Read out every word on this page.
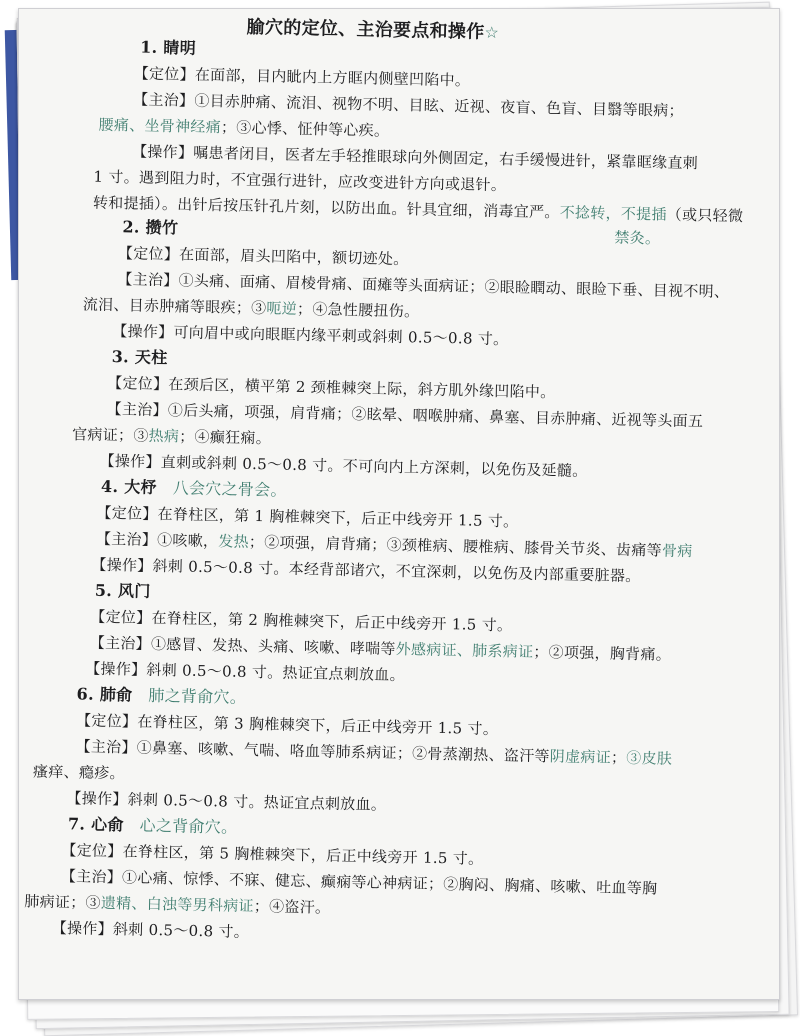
腧穴的定位、主治要点和操作☆
1. 睛明
【定位】在面部，目内眦内上方眶内侧壁凹陷中。
【主治】①目赤肿痛、流泪、视物不明、目眩、近视、夜盲、色盲、目翳等眼病；
腰痛、坐骨神经痛；③心悸、怔仲等心疾。
【操作】嘱患者闭目，医者左手轻推眼球向外侧固定，右手缓慢进针，紧靠眶缘直刺
1 寸。遇到阻力时，不宜强行进针，应改变进针方向或退针。
转和提插）。出针后按压针孔片刻，以防出血。针具宜细，消毒宜严。不捻转，不提插（或只轻微
禁灸。
2. 攒竹
【定位】在面部，眉头凹陷中，额切迹处。
【主治】①头痛、面痛、眉棱骨痛、面瘫等头面病证；②眼睑瞤动、眼睑下垂、目视不明、
流泪、目赤肿痛等眼疾；③呃逆；④急性腰扭伤。
【操作】可向眉中或向眼眶内缘平刺或斜刺 0.5～0.8 寸。
3. 天柱
【定位】在颈后区，横平第 2 颈椎棘突上际，斜方肌外缘凹陷中。
【主治】①后头痛，项强，肩背痛；②眩晕、咽喉肿痛、鼻塞、目赤肿痛、近视等头面五
官病证；③热病；④癫狂痫。
【操作】直刺或斜刺 0.5～0.8 寸。不可向内上方深刺，以免伤及延髓。
4. 大杼 八会穴之骨会。
【定位】在脊柱区，第 1 胸椎棘突下，后正中线旁开 1.5 寸。
【主治】①咳嗽，发热；②项强，肩背痛；③颈椎病、腰椎病、膝骨关节炎、齿痛等骨病
【操作】斜刺 0.5～0.8 寸。本经背部诸穴，不宜深刺，以免伤及内部重要脏器。
5. 风门
【定位】在脊柱区，第 2 胸椎棘突下，后正中线旁开 1.5 寸。
【主治】①感冒、发热、头痛、咳嗽、哮喘等外感病证、肺系病证；②项强，胸背痛。
【操作】斜刺 0.5～0.8 寸。热证宜点刺放血。
6. 肺俞 肺之背俞穴。
【定位】在脊柱区，第 3 胸椎棘突下，后正中线旁开 1.5 寸。
【主治】①鼻塞、咳嗽、气喘、咯血等肺系病证；②骨蒸潮热、盗汗等阴虚病证；③皮肤
瘙痒、瘾疹。
【操作】斜刺 0.5～0.8 寸。热证宜点刺放血。
7. 心俞 心之背俞穴。
【定位】在脊柱区，第 5 胸椎棘突下，后正中线旁开 1.5 寸。
【主治】①心痛、惊悸、不寐、健忘、癫痫等心神病证；②胸闷、胸痛、咳嗽、吐血等胸
肺病证；③遗精、白浊等男科病证；④盗汗。
【操作】斜刺 0.5～0.8 寸。
